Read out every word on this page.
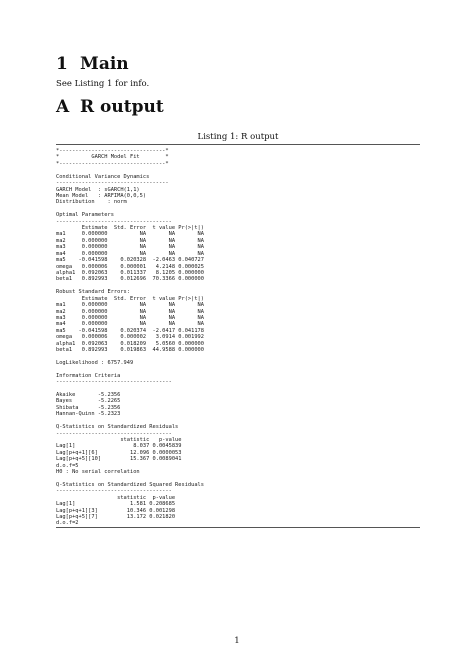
1 Main
See Listing 1 for info.
A R output
Listing 1: R output
*---------------------------------*
*          GARCH Model Fit        *
*---------------------------------*

Conditional Variance Dynamics
-----------------------------------
GARCH Model  : sGARCH(1,1)
Mean Model   : ARFIMA(0,0,5)
Distribution    : norm

Optimal Parameters
------------------------------------
Estimate  Std. Error  t value Pr(>|t|)
ma1     0.000000          NA       NA       NA
ma2     0.000000          NA       NA       NA
ma3     0.000000          NA       NA       NA
ma4     0.000000          NA       NA       NA
ma5    -0.041598    0.020328  -2.0463 0.040727
omega   0.000006    0.000001   4.2148 0.000025
alpha1  0.092063    0.011337   8.1205 0.000000
beta1   0.892993    0.012696  70.3366 0.000000

Robust Standard Errors:
Estimate  Std. Error  t value Pr(>|t|)
ma1     0.000000          NA       NA       NA
ma2     0.000000          NA       NA       NA
ma3     0.000000          NA       NA       NA
ma4     0.000000          NA       NA       NA
ma5    -0.041598    0.020374  -2.0417 0.041178
omega   0.000006    0.000002   3.0914 0.001992
alpha1  0.092063    0.018209   5.0560 0.000000
beta1   0.892993    0.019863  44.9588 0.000000

LogLikelihood : 6757.949

Information Criteria
------------------------------------

Akaike       -5.2356
Bayes        -5.2265
Shibata      -5.2356
Hannan-Quinn -5.2323

Q-Statistics on Standardized Residuals
------------------------------------
statistic   p-value
Lag[1]                  8.037 0.0045839
Lag[p+q+1][6]          12.096 0.0000053
Lag[p+q+5][10]         15.367 0.0089041
d.o.f=5
H0 : No serial correlation

Q-Statistics on Standardized Squared Residuals
------------------------------------
statistic  p-value
Lag[1]                 1.581 0.208685
Lag[p+q+1][3]         10.346 0.001298
Lag[p+q+5][7]         13.172 0.021820
d.o.f=2
1
